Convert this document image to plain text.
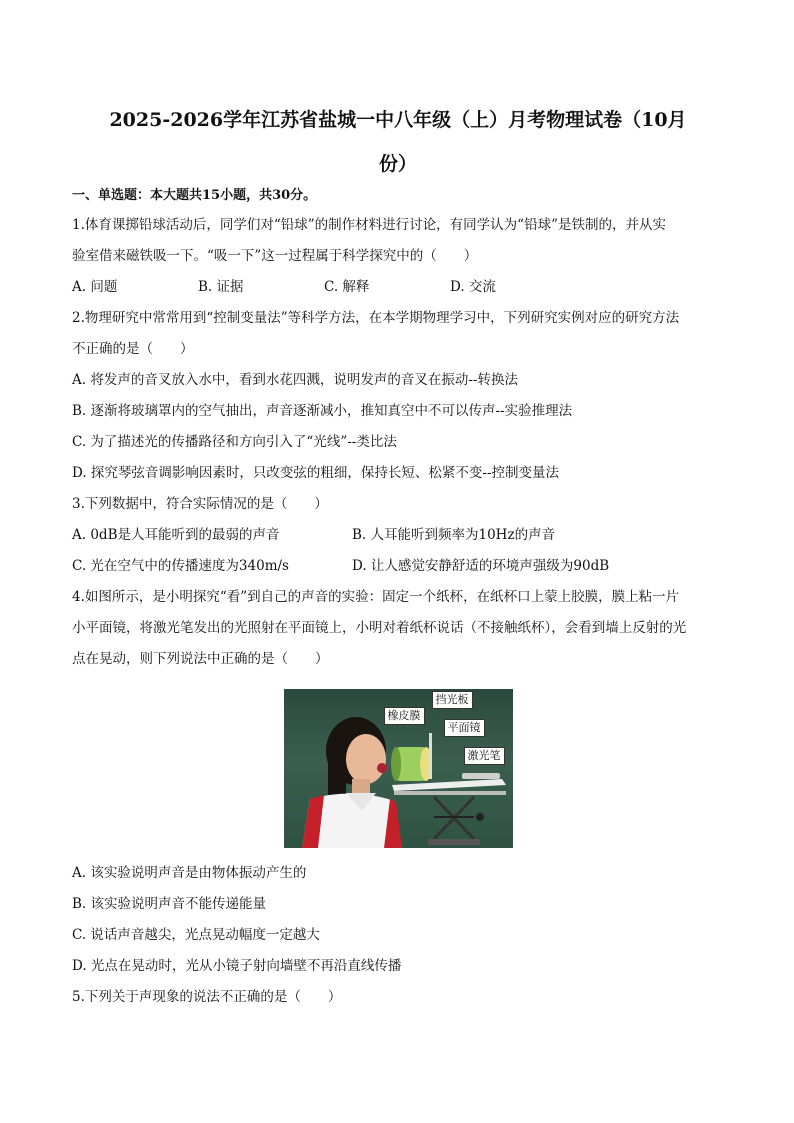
2025-2026学年江苏省盐城一中八年级（上）月考物理试卷（10月
份）
一、单选题：本大题共15小题，共30分。
1.体育课掷铅球活动后，同学们对“铅球”的制作材料进行讨论，有同学认为“铅球”是铁制的，并从实
验室借来磁铁吸一下。“吸一下”这一过程属于科学探究中的（　　）
A. 问题	B. 证据	C. 解释	D. 交流
2.物理研究中常常用到“控制变量法”等科学方法，在本学期物理学习中，下列研究实例对应的研究方法
不正确的是（　　）
A. 将发声的音叉放入水中，看到水花四溅，说明发声的音叉在振动--转换法
B. 逐渐将玻璃罩内的空气抽出，声音逐渐减小，推知真空中不可以传声--实验推理法
C. 为了描述光的传播路径和方向引入了“光线”--类比法
D. 探究琴弦音调影响因素时，只改变弦的粗细，保持长短、松紧不变--控制变量法
3.下列数据中，符合实际情况的是（　　）
A. 0dB是人耳能听到的最弱的声音	B. 人耳能听到频率为10Hz的声音
C. 光在空气中的传播速度为340m/s	D. 让人感觉安静舒适的环境声强级为90dB
4.如图所示，是小明探究“看”到自己的声音的实验：固定一个纸杯，在纸杯口上蒙上胶膜，膜上粘一片
小平面镜，将激光笔发出的光照射在平面镜上，小明对着纸杯说话（不接触纸杯），会看到墙上反射的光
点在晃动，则下列说法中正确的是（　　）
挡光板
橡皮膜
平面镜
激光笔
A. 该实验说明声音是由物体振动产生的
B. 该实验说明声音不能传递能量
C. 说话声音越尖，光点晃动幅度一定越大
D. 光点在晃动时，光从小镜子射向墙壁不再沿直线传播
5.下列关于声现象的说法不正确的是（　　）
